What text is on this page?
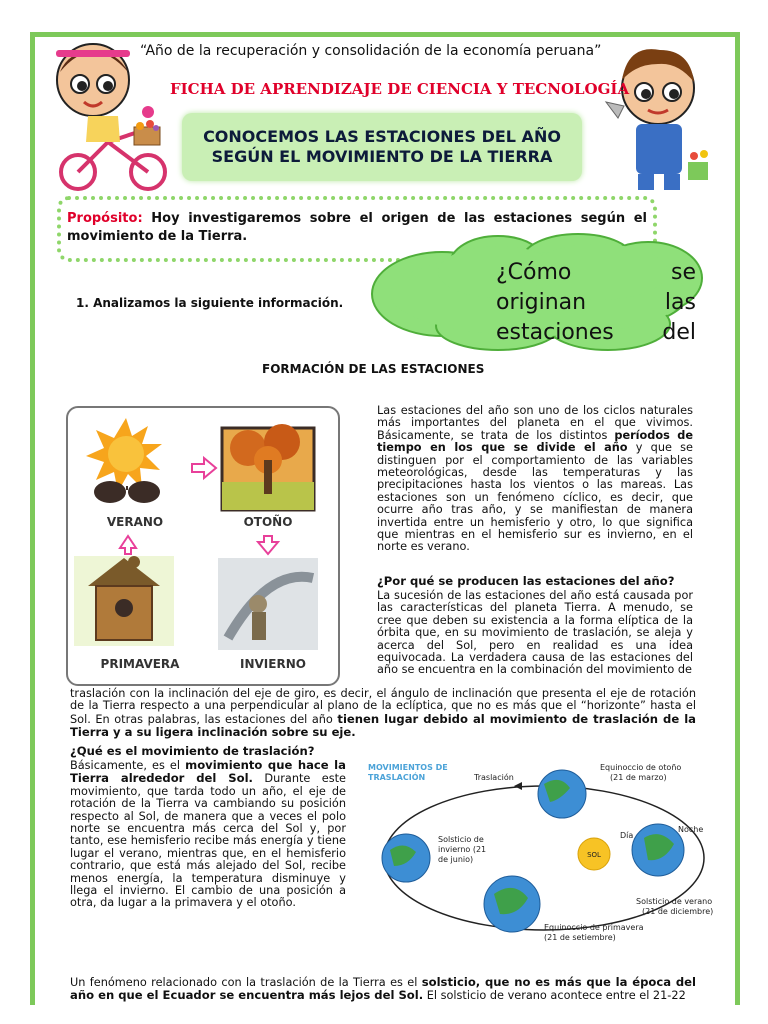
“Año de la recuperación y consolidación de la economía peruana”
FICHA DE APRENDIZAJE DE CIENCIA Y TECNOLOGÍA
CONOCEMOS LAS ESTACIONES DEL AÑO
SEGÚN EL MOVIMIENTO DE LA TIERRA

Propósito: Hoy investigaremos sobre el origen de las estaciones según el movimiento de la Tierra.

¿Cómo se
originan las
estaciones del
1. Analizamos la siguiente información.
FORMACIÓN DE LAS ESTACIONES
VERANO	OTOÑO
PRIMAVERA	INVIERNO
Las estaciones del año son uno de los ciclos naturales más importantes del planeta en el que vivimos. Básicamente, se trata de los distintos períodos de tiempo en los que se divide el año y que se distinguen por el comportamiento de las variables meteorológicas, desde las temperaturas y las precipitaciones hasta los vientos o las mareas. Las estaciones son un fenómeno cíclico, es decir, que ocurre año tras año, y se manifiestan de manera invertida entre un hemisferio y otro, lo que significa que mientras en el hemisferio sur es invierno, en el norte es verano.
¿Por qué se producen las estaciones del año?
La sucesión de las estaciones del año está causada por las características del planeta Tierra. A menudo, se cree que deben su existencia a la forma elíptica de la órbita que, en su movimiento de traslación, se aleja y acerca del Sol, pero en realidad es una idea equivocada. La verdadera causa de las estaciones del año se encuentra en la combinación del movimiento de
traslación con la inclinación del eje de giro, es decir, el ángulo de inclinación que presenta el eje de rotación de la Tierra respecto a una perpendicular al plano de la eclíptica, que no es más que el “horizonte” hasta el Sol. En otras palabras, las estaciones del año tienen lugar debido al movimiento de traslación de la Tierra y a su ligera inclinación sobre su eje.
¿Qué es el movimiento de traslación?
Básicamente, es el movimiento que hace la Tierra alrededor del Sol. Durante este movimiento, que tarda todo un año, el eje de rotación de la Tierra va cambiando su posición respecto al Sol, de manera que a veces el polo norte se encuentra más cerca del Sol y, por tanto, ese hemisferio recibe más energía y tiene lugar el verano, mientras que, en el hemisferio contrario, que está más alejado del Sol, recibe menos energía, la temperatura disminuye y llega el invierno. El cambio de una posición a otra, da lugar a la primavera y el otoño.
MOVIMIENTOS DE
TRASLACIÓN	Traslación
Equinoccio de otoño
(21 de marzo)
Solsticio de
invierno (21
de junio)	SOL
Día
Noche
Solsticio de verano
(21 de diciembre)
Equinoccio de primavera
(21 de setiembre)
Un fenómeno relacionado con la traslación de la Tierra es el solsticio, que no es más que la época del año en que el Ecuador se encuentra más lejos del Sol. El solsticio de verano acontece entre el 21-22
